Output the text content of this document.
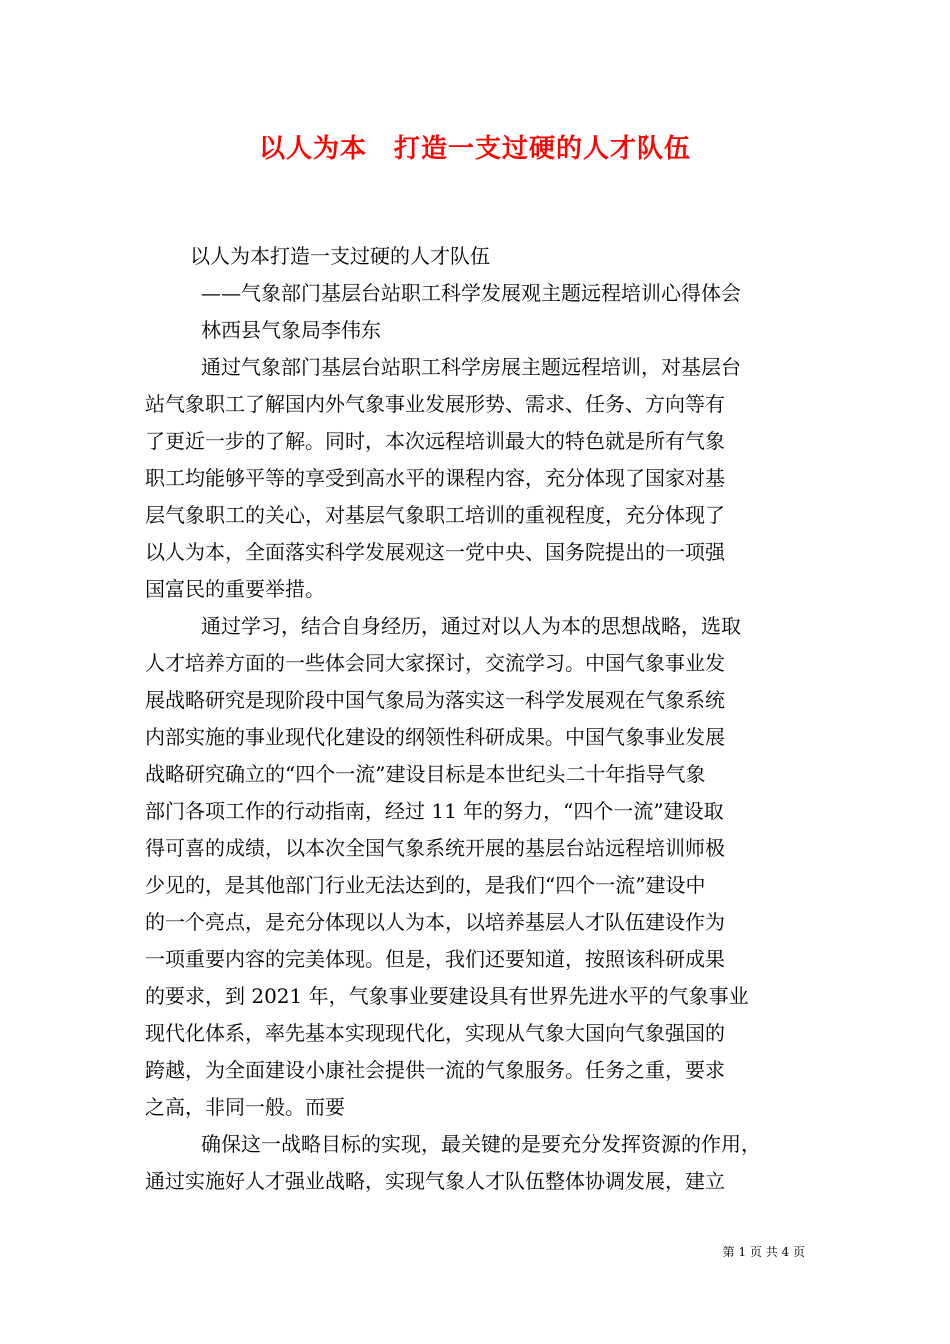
以人为本　打造一支过硬的人才队伍
以人为本打造一支过硬的人才队伍
——气象部门基层台站职工科学发展观主题远程培训心得体会
林西县气象局李伟东
通过气象部门基层台站职工科学房展主题远程培训，对基层台
站气象职工了解国内外气象事业发展形势、需求、任务、方向等有
了更近一步的了解。同时，本次远程培训最大的特色就是所有气象
职工均能够平等的享受到高水平的课程内容，充分体现了国家对基
层气象职工的关心，对基层气象职工培训的重视程度，充分体现了
以人为本，全面落实科学发展观这一党中央、国务院提出的一项强
国富民的重要举措。
通过学习，结合自身经历，通过对以人为本的思想战略，选取
人才培养方面的一些体会同大家探讨，交流学习。中国气象事业发
展战略研究是现阶段中国气象局为落实这一科学发展观在气象系统
内部实施的事业现代化建设的纲领性科研成果。中国气象事业发展
战略研究确立的“四个一流”建设目标是本世纪头二十年指导气象
部门各项工作的行动指南，经过 11 年的努力，“四个一流”建设取
得可喜的成绩，以本次全国气象系统开展的基层台站远程培训师极
少见的，是其他部门行业无法达到的，是我们“四个一流”建设中
的一个亮点，是充分体现以人为本，以培养基层人才队伍建设作为
一项重要内容的完美体现。但是，我们还要知道，按照该科研成果
的要求，到 2021 年，气象事业要建设具有世界先进水平的气象事业
现代化体系，率先基本实现现代化，实现从气象大国向气象强国的
跨越，为全面建设小康社会提供一流的气象服务。任务之重，要求
之高，非同一般。而要
确保这一战略目标的实现，最关键的是要充分发挥资源的作用，
通过实施好人才强业战略，实现气象人才队伍整体协调发展，建立
第 1 页 共 4 页
